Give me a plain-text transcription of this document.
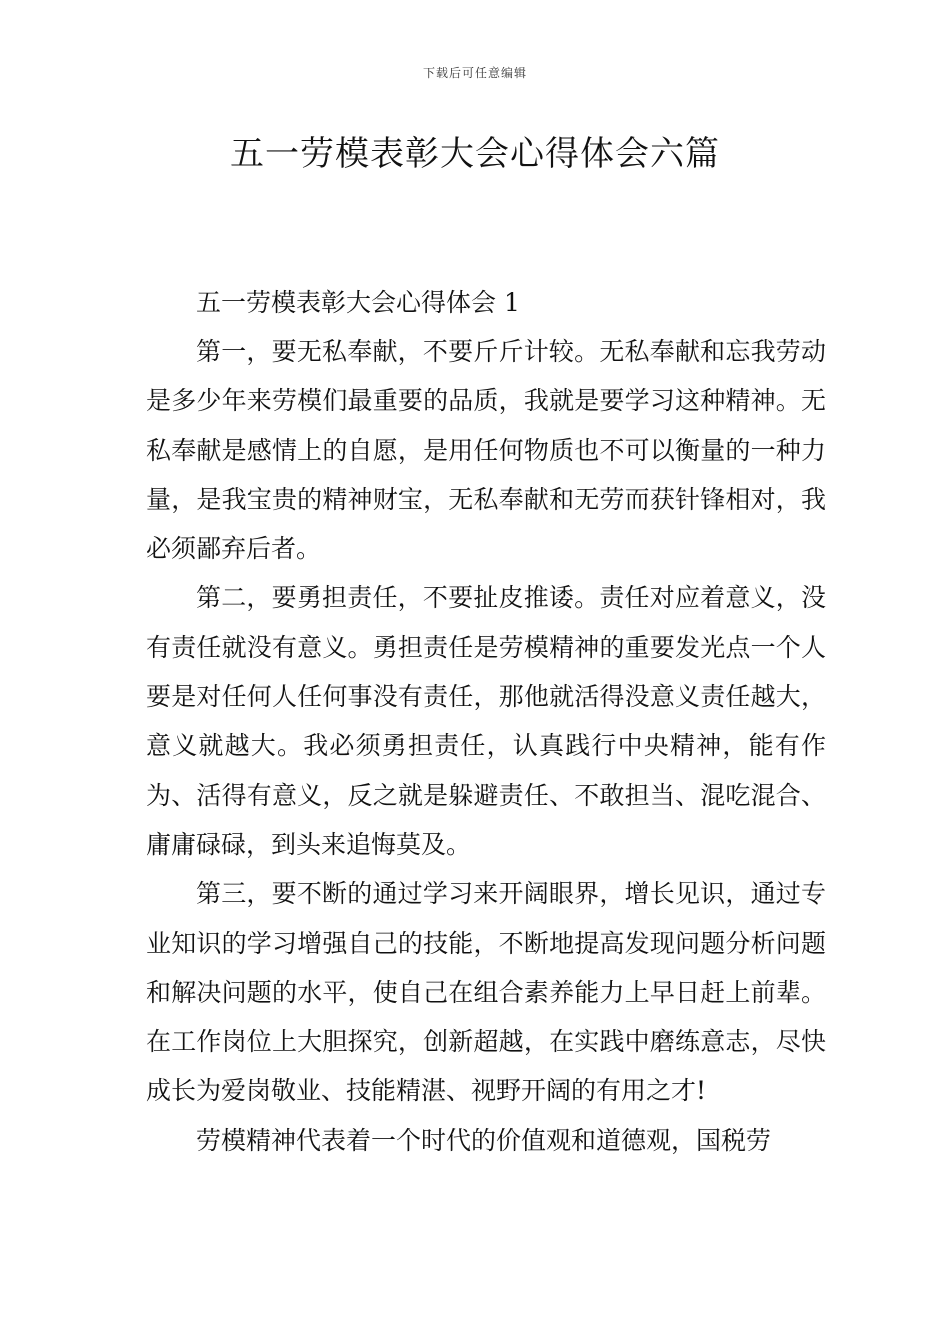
下载后可任意编辑
五一劳模表彰大会心得体会六篇

五一劳模表彰大会心得体会 1

第一，要无私奉献，不要斤斤计较。无私奉献和忘我劳动是多少年来劳模们最重要的品质，我就是要学习这种精神。无私奉献是感情上的自愿，是用任何物质也不可以衡量的一种力量，是我宝贵的精神财宝，无私奉献和无劳而获针锋相对，我必须鄙弃后者。

第二，要勇担责任，不要扯皮推诿。责任对应着意义，没有责任就没有意义。勇担责任是劳模精神的重要发光点一个人要是对任何人任何事没有责任，那他就活得没意义责任越大，意义就越大。我必须勇担责任，认真践行中央精神，能有作为、活得有意义，反之就是躲避责任、不敢担当、混吃混合、庸庸碌碌，到头来追悔莫及。

第三，要不断的通过学习来开阔眼界，增长见识，通过专业知识的学习增强自己的技能，不断地提高发现问题分析问题和解决问题的水平，使自己在组合素养能力上早日赶上前辈。在工作岗位上大胆探究，创新超越，在实践中磨练意志，尽快成长为爱岗敬业、技能精湛、视野开阔的有用之才!

劳模精神代表着一个时代的价值观和道德观，国税劳
